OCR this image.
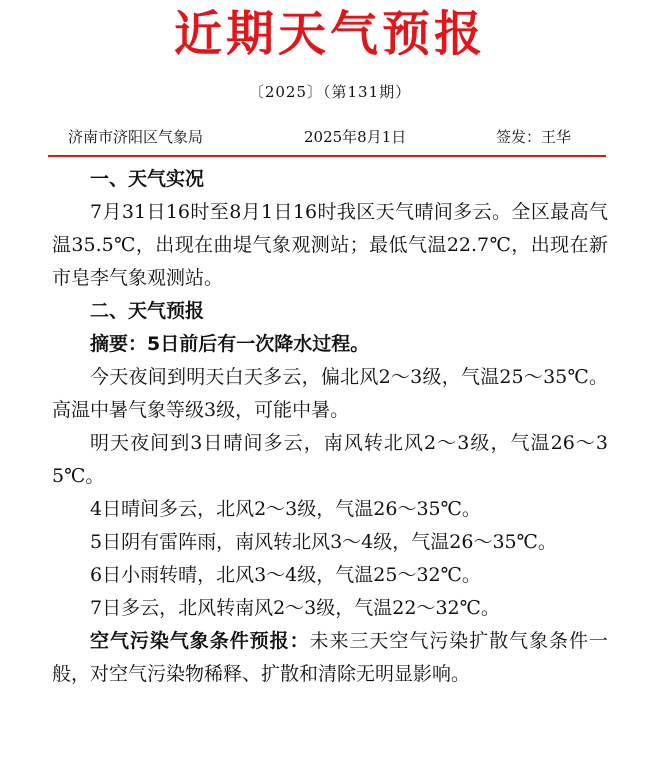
近期天气预报
〔2025〕（第131期）
济南市济阳区气象局	2025年8月1日	签发：王华

一、天气实况

7月31日16时至8月1日16时我区天气晴间多云。全区最高气温35.5℃，出现在曲堤气象观测站；最低气温22.7℃，出现在新市皂李气象观测站。

二、天气预报

摘要：5日前后有一次降水过程。

今天夜间到明天白天多云，偏北风2～3级，气温25～35℃。高温中暑气象等级3级，可能中暑。

明天夜间到3日晴间多云，南风转北风2～3级，气温26～35℃。

4日晴间多云，北风2～3级，气温26～35℃。

5日阴有雷阵雨，南风转北风3～4级，气温26～35℃。

6日小雨转晴，北风3～4级，气温25～32℃。

7日多云，北风转南风2～3级，气温22～32℃。

空气污染气象条件预报：未来三天空气污染扩散气象条件一般，对空气污染物稀释、扩散和清除无明显影响。
